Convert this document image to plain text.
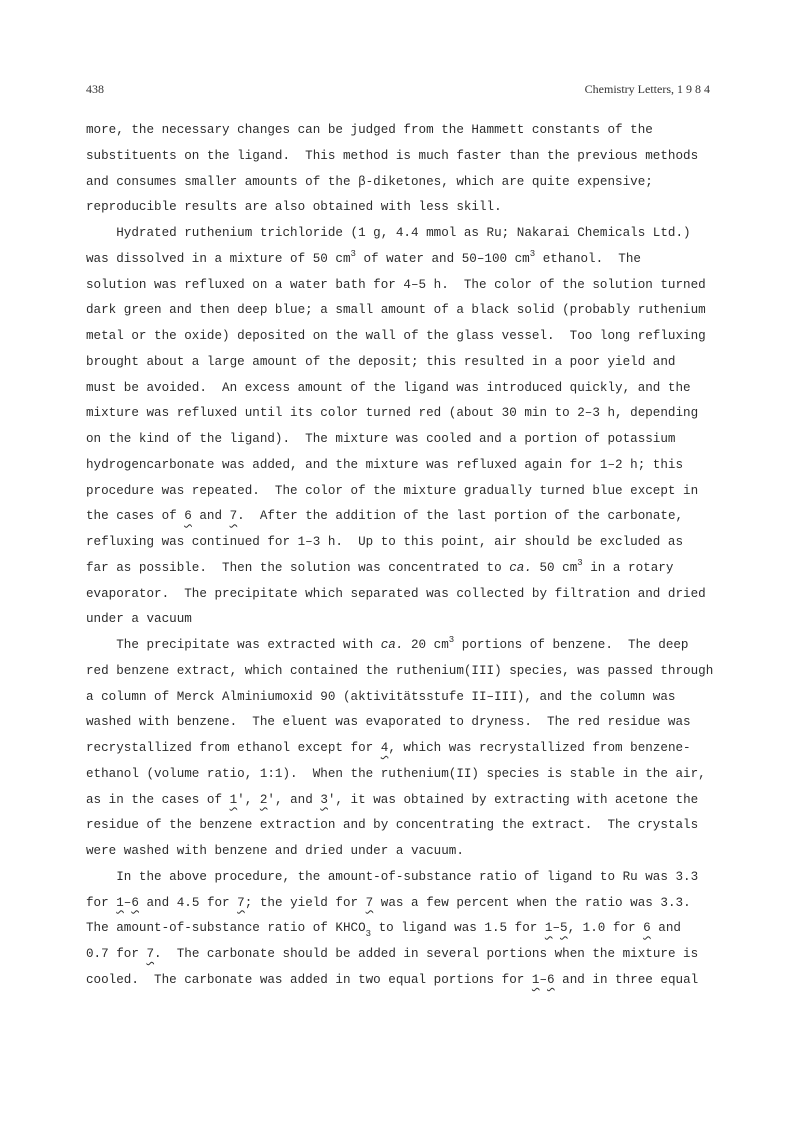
438	Chemistry Letters, 1 9 8 4
more, the necessary changes can be judged from the Hammett constants of the
substituents on the ligand.  This method is much faster than the previous methods
and consumes smaller amounts of the β-diketones, which are quite expensive;
reproducible results are also obtained with less skill.
Hydrated ruthenium trichloride (1 g, 4.4 mmol as Ru; Nakarai Chemicals Ltd.)
was dissolved in a mixture of 50 $cm^3$ of water and 50–100 $cm^3$ ethanol.  The
solution was refluxed on a water bath for 4–5 h.  The color of the solution turned
dark green and then deep blue; a small amount of a black solid (probably ruthenium
metal or the oxide) deposited on the wall of the glass vessel.  Too long refluxing
brought about a large amount of the deposit; this resulted in a poor yield and
must be avoided.  An excess amount of the ligand was introduced quickly, and the
mixture was refluxed until its color turned red (about 30 min to 2–3 h, depending
on the kind of the ligand).  The mixture was cooled and a portion of potassium
hydrogencarbonate was added, and the mixture was refluxed again for 1–2 h; this
procedure was repeated.  The color of the mixture gradually turned blue except in
the cases of 6 and 7.  After the addition of the last portion of the carbonate,
refluxing was continued for 1–3 h.  Up to this point, air should be excluded as
far as possible.  Then the solution was concentrated to ca. 50 $cm^3$ in a rotary
evaporator.  The precipitate which separated was collected by filtration and dried
under a vacuum
The precipitate was extracted with ca. 20 $cm^3$ portions of benzene.  The deep
red benzene extract, which contained the ruthenium(III) species, was passed through
a column of Merck Alminiumoxid 90 (aktivitätsstufe II–III), and the column was
washed with benzene.  The eluent was evaporated to dryness.  The red residue was
recrystallized from ethanol except for 4, which was recrystallized from benzene-
ethanol (volume ratio, 1:1).  When the ruthenium(II) species is stable in the air,
as in the cases of 1', 2', and 3', it was obtained by extracting with acetone the
residue of the benzene extraction and by concentrating the extract.  The crystals
were washed with benzene and dried under a vacuum.
In the above procedure, the amount-of-substance ratio of ligand to Ru was 3.3
for 1–6 and 4.5 for 7; the yield for 7 was a few percent when the ratio was 3.3.
The amount-of-substance ratio of $KHCO_3$ to ligand was 1.5 for 1–5, 1.0 for 6 and
0.7 for 7.  The carbonate should be added in several portions when the mixture is
cooled.  The carbonate was added in two equal portions for 1–6 and in three equal
